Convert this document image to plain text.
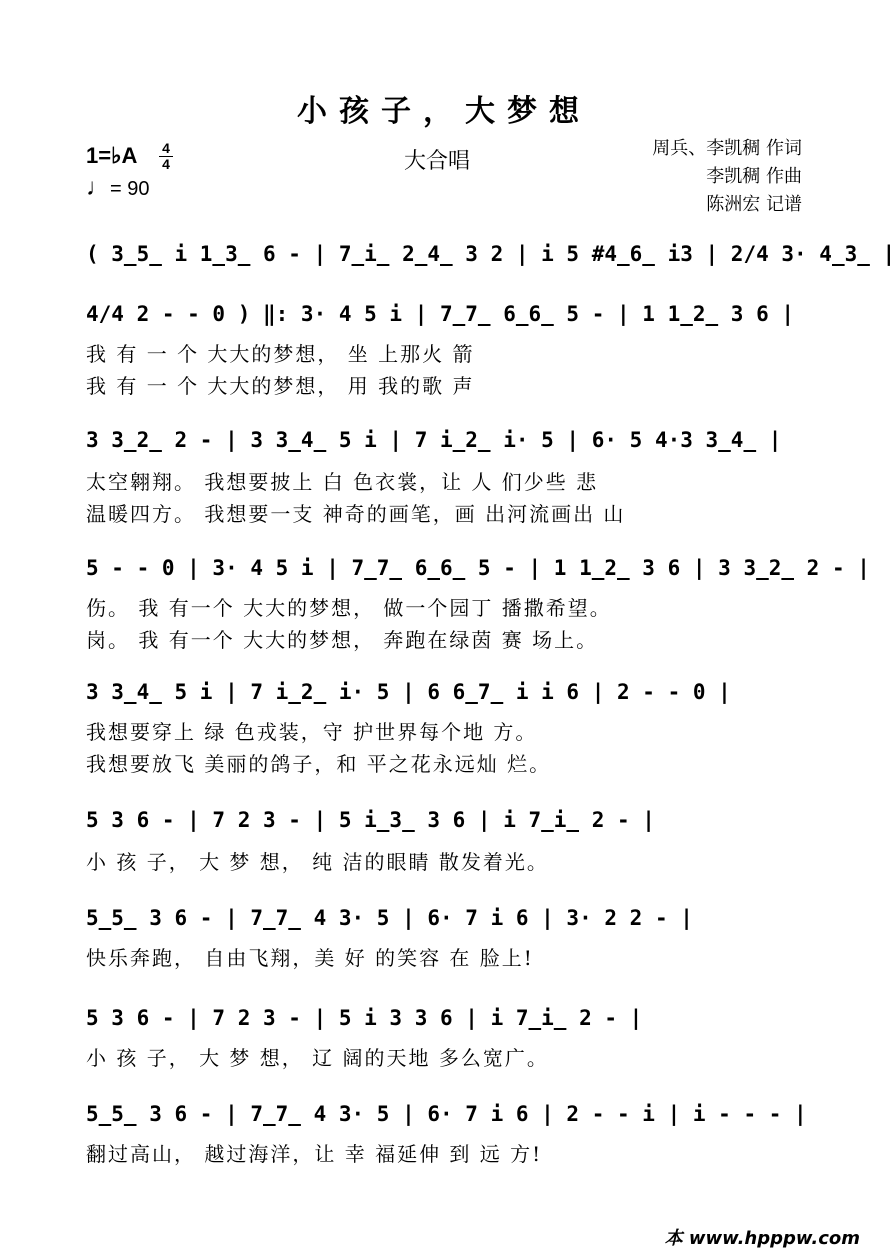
小孩子，大梦想
1=♭A 4
4
♩= 90
大合唱
周兵、李凯稠 作词
李凯稠 作曲
陈洲宏 记谱
( 3̲5̲ i 1̲3̲ 6 - | 7̲i̲ 2̲4̲ 3 2 | i 5 #4̲6̲ i3 | 2/4 3· 4̲3̲ |
4/4 2 - - 0 ) ‖: 3· 4 5 i | 7̲7̲ 6̲6̲ 5 - | 1 1̲2̲ 3 6 |
我 有 一 个 大大的梦想， 坐 上那火 箭
我 有 一 个 大大的梦想， 用 我的歌 声
3 3̲2̲ 2 - | 3 3̲4̲ 5 i | 7 i̲2̲ i· 5 | 6· 5 4·3 3̲4̲ |
太空翱翔。 我想要披上 白 色衣裳，让 人 们少些 悲
温暖四方。 我想要一支 神奇的画笔，画 出河流画出 山
5 - - 0 | 3· 4 5 i | 7̲7̲ 6̲6̲ 5 - | 1 1̲2̲ 3 6 | 3 3̲2̲ 2 - |
伤。 我 有一个 大大的梦想， 做一个园丁 播撒希望。
岗。 我 有一个 大大的梦想， 奔跑在绿茵 赛 场上。
3 3̲4̲ 5 i | 7 i̲2̲ i· 5 | 6 6̲7̲ i i 6 | 2 - - 0 |
我想要穿上 绿 色戎装，守 护世界每个地 方。
我想要放飞 美丽的鸽子，和 平之花永远灿 烂。
5 3 6 - | 7 2 3 - | 5 i̲3̲ 3 6 | i 7̲i̲ 2 - |
小 孩 子， 大 梦 想， 纯 洁的眼睛 散发着光。
5̲5̲ 3 6 - | 7̲7̲ 4 3· 5 | 6· 7 i 6 | 3· 2 2 - |
快乐奔跑， 自由飞翔，美 好 的笑容 在 脸上!
5 3 6 - | 7 2 3 - | 5 i 3 3 6 | i 7̲i̲ 2 - |
小 孩 子， 大 梦 想， 辽 阔的天地 多么宽广。
5̲5̲ 3 6 - | 7̲7̲ 4 3· 5 | 6· 7 i 6 | 2 - - i | i - - - |
翻过高山， 越过海洋，让 幸 福延伸 到 远 方!
本 www.hpppw.com
